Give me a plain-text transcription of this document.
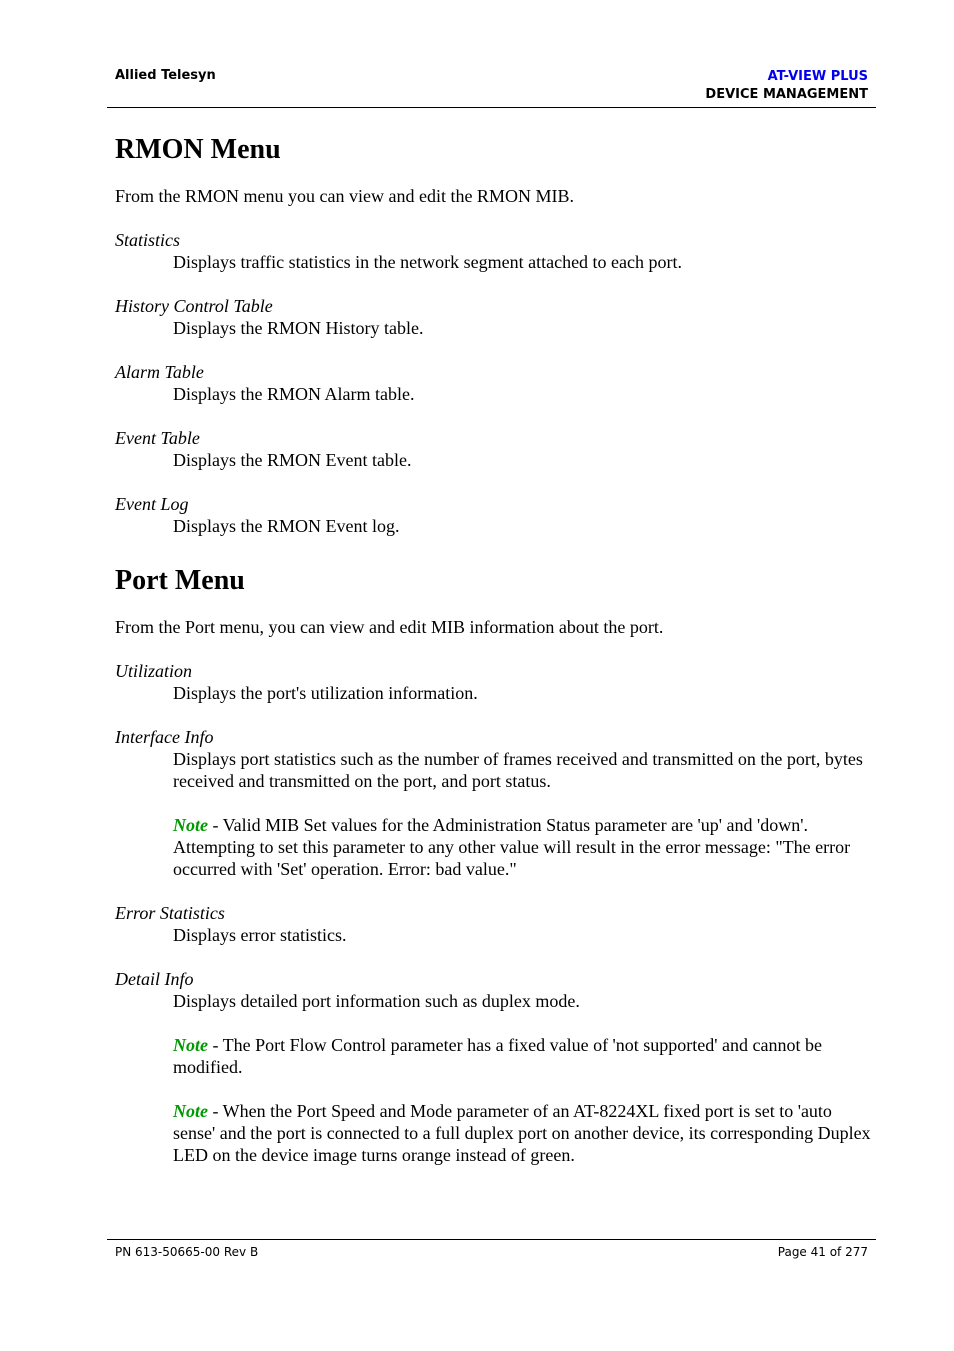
Allied Telesyn	AT-VIEW PLUS
DEVICE MANAGEMENT
RMON Menu

From the RMON menu you can view and edit the RMON MIB.

Statistics
Displays traffic statistics in the network segment attached to each port.
History Control Table
Displays the RMON History table.
Alarm Table
Displays the RMON Alarm table.
Event Table
Displays the RMON Event table.
Event Log
Displays the RMON Event log.
Port Menu

From the Port menu, you can view and edit MIB information about the port.

Utilization
Displays the port's utilization information.
Interface Info
Displays port statistics such as the number of frames received and transmitted on the port, bytes received and transmitted on the port, and port status.
Note - Valid MIB Set values for the Administration Status parameter are 'up' and 'down'. Attempting to set this parameter to any other value will result in the error message: "The error occurred with 'Set' operation. Error: bad value."
Error Statistics
Displays error statistics.
Detail Info
Displays detailed port information such as duplex mode.
Note - The Port Flow Control parameter has a fixed value of 'not supported' and cannot be modified.
Note - When the Port Speed and Mode parameter of an AT-8224XL fixed port is set to 'auto sense' and the port is connected to a full duplex port on another device, its corresponding Duplex LED on the device image turns orange instead of green.
PN 613-50665-00 Rev B	Page 41 of 277
